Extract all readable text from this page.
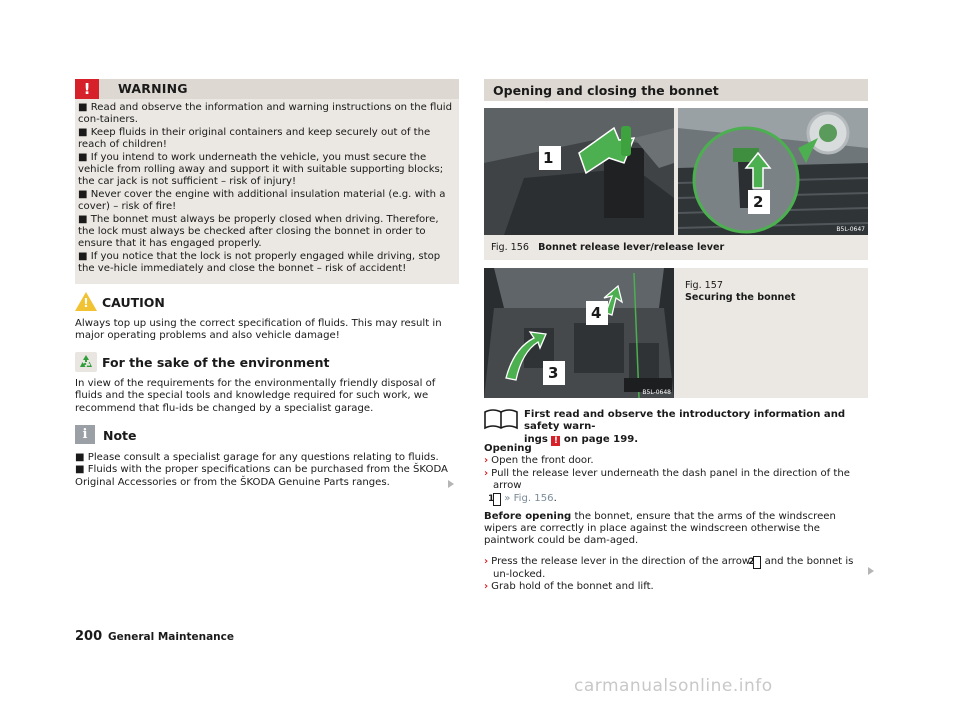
!	WARNING

■ Read and observe the information and warning instructions on the fluid con-tainers.

■ Keep fluids in their original containers and keep securely out of the reach of children!

■ If you intend to work underneath the vehicle, you must secure the vehicle from rolling away and support it with suitable supporting blocks; the car jack is not sufficient – risk of injury!

■ Never cover the engine with additional insulation material (e.g. with a cover) – risk of fire!

■ The bonnet must always be properly closed when driving. Therefore, the lock must always be checked after closing the bonnet in order to ensure that it has engaged properly.

■ If you notice that the lock is not properly engaged while driving, stop the ve-hicle immediately and close the bonnet – risk of accident!

! CAUTION
Always top up using the correct specification of fluids. This may result in major operating problems and also vehicle damage!
For the sake of the environment
In view of the requirements for the environmentally friendly disposal of fluids and the special tools and knowledge required for such work, we recommend that flu-ids be changed by a specialist garage.
i	Note

■ Please consult a specialist garage for any questions relating to fluids.

■ Fluids with the proper specifications can be purchased from the ŠKODA Original Accessories or from the ŠKODA Genuine Parts ranges.

Opening and closing the bonnet
1
2
B5L-0647
Fig. 156 Bonnet release lever/release lever
4
3
B5L-0648
Fig. 157
Securing the bonnet
First read and observe the introductory information and safety warn-
ings ! on page 199.

Opening

› Open the front door.

› Pull the release lever underneath the dash panel in the direction of the arrow
1 » Fig. 156.

Before opening the bonnet, ensure that the arms of the windscreen wipers are correctly in place against the windscreen otherwise the paintwork could be dam-aged.

› Press the release lever in the direction of the arrow 2 and the bonnet is un-locked.

› Grab hold of the bonnet and lift.

200 General Maintenance
carmanualsonline.info
